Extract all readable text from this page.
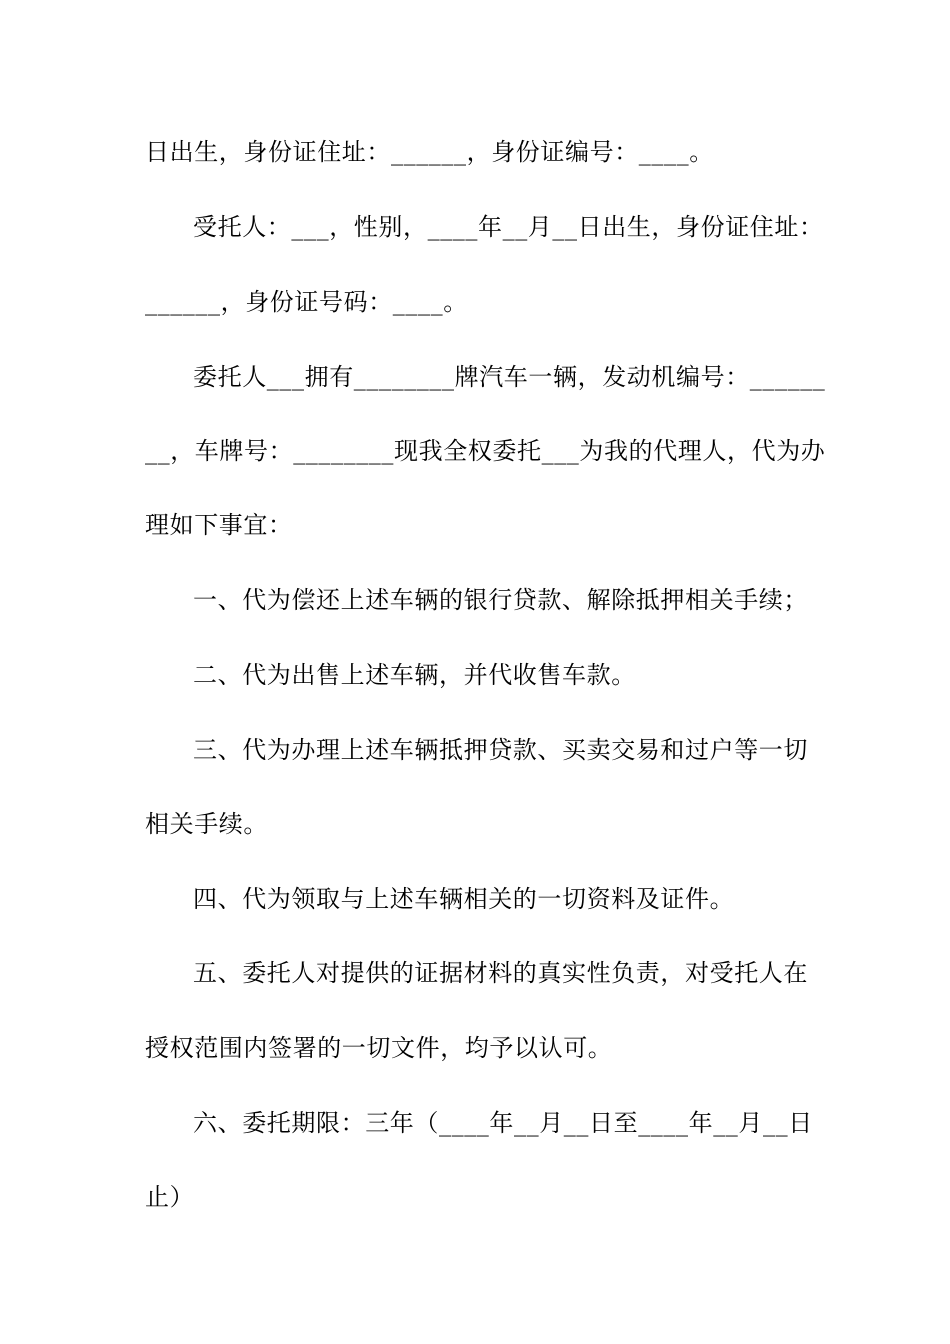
日出生，身份证住址：______，身份证编号：____。
受托人：___，性别，____年__月__日出生，身份证住址：
______，身份证号码：____。
委托人___拥有________牌汽车一辆，发动机编号：______
__，车牌号：________现我全权委托___为我的代理人，代为办
理如下事宜：
一、代为偿还上述车辆的银行贷款、解除抵押相关手续；
二、代为出售上述车辆，并代收售车款。
三、代为办理上述车辆抵押贷款、买卖交易和过户等一切
相关手续。
四、代为领取与上述车辆相关的一切资料及证件。
五、委托人对提供的证据材料的真实性负责，对受托人在
授权范围内签署的一切文件，均予以认可。
六、委托期限：三年（____年__月__日至____年__月__日
止）
